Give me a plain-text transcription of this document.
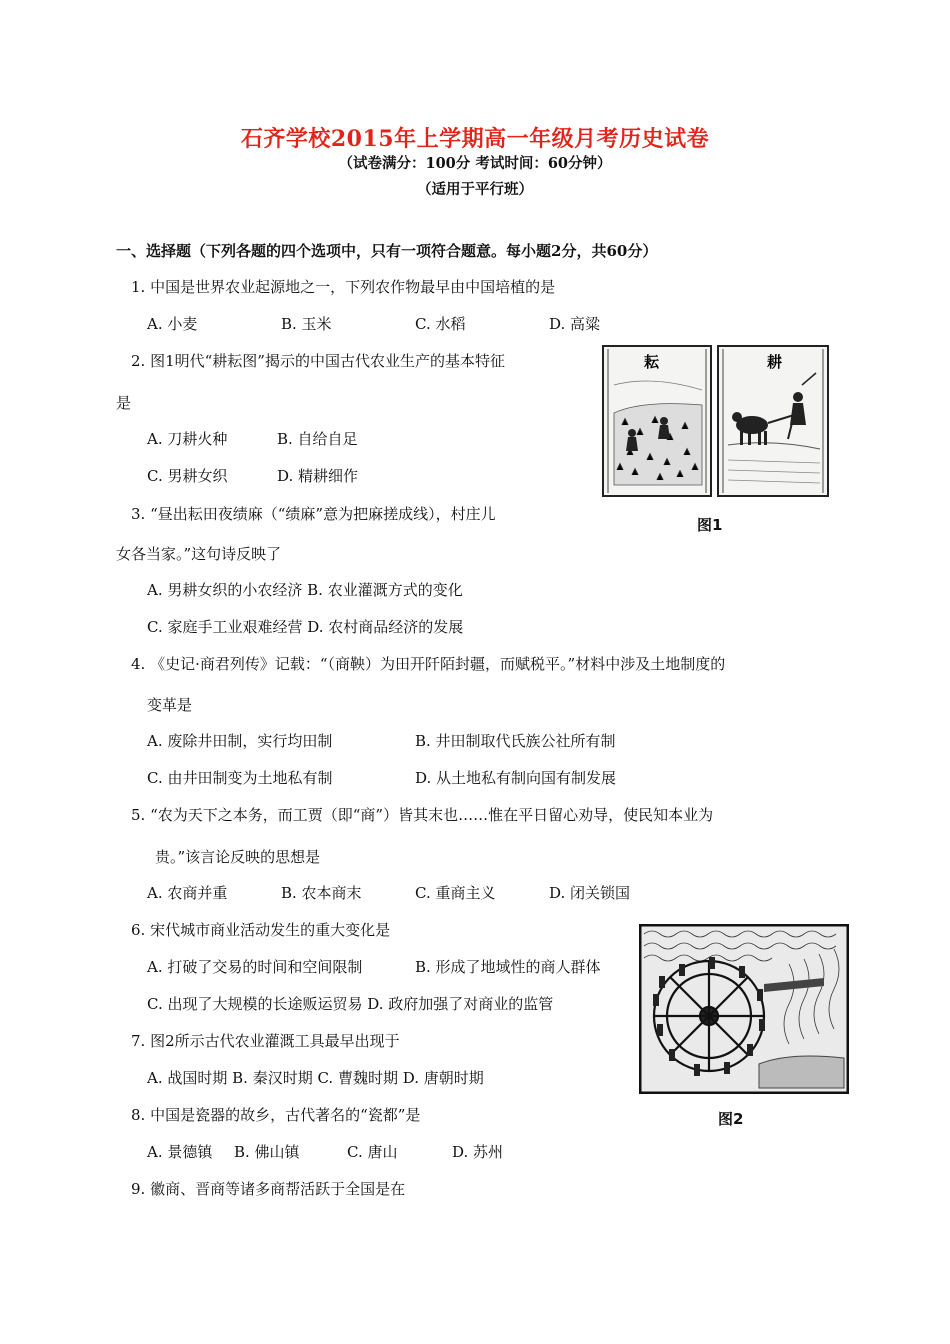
石齐学校2015年上学期高一年级月考历史试卷
（试卷满分：100分 考试时间：60分钟）
（适用于平行班）
一、选择题（下列各题的四个选项中，只有一项符合题意。每小题2分，共60分）
1. 中国是世界农业起源地之一，下列农作物最早由中国培植的是
A. 小麦	B. 玉米	C. 水稻	D. 高粱
2. 图1明代“耕耘图”揭示的中国古代农业生产的基本特征
是
A. 刀耕火种	B. 自给自足
C. 男耕女织	D. 精耕细作
耘	耕
图1
3. “昼出耘田夜绩麻（“绩麻”意为把麻搓成线），村庄儿
女各当家。”这句诗反映了
A. 男耕女织的小农经济 B. 农业灌溉方式的变化
C. 家庭手工业艰难经营 D. 农村商品经济的发展
4. 《史记·商君列传》记载：“（商鞅）为田开阡陌封疆，而赋税平。”材料中涉及土地制度的
变革是
A. 废除井田制，实行均田制	B. 井田制取代氏族公社所有制
C. 由井田制变为土地私有制	D. 从土地私有制向国有制发展
5. “农为天下之本务，而工贾（即“商”）皆其末也……惟在平日留心劝导，使民知本业为
贵。”该言论反映的思想是
A. 农商并重	B. 农本商末	C. 重商主义	D. 闭关锁国
6. 宋代城市商业活动发生的重大变化是
A. 打破了交易的时间和空间限制	B. 形成了地域性的商人群体
C. 出现了大规模的长途贩运贸易 D. 政府加强了对商业的监管
图2
7. 图2所示古代农业灌溉工具最早出现于
A. 战国时期 B. 秦汉时期 C. 曹魏时期 D. 唐朝时期
8. 中国是瓷器的故乡，古代著名的“瓷都”是
A. 景德镇 B. 佛山镇	C. 唐山	D. 苏州
9. 徽商、晋商等诸多商帮活跃于全国是在
